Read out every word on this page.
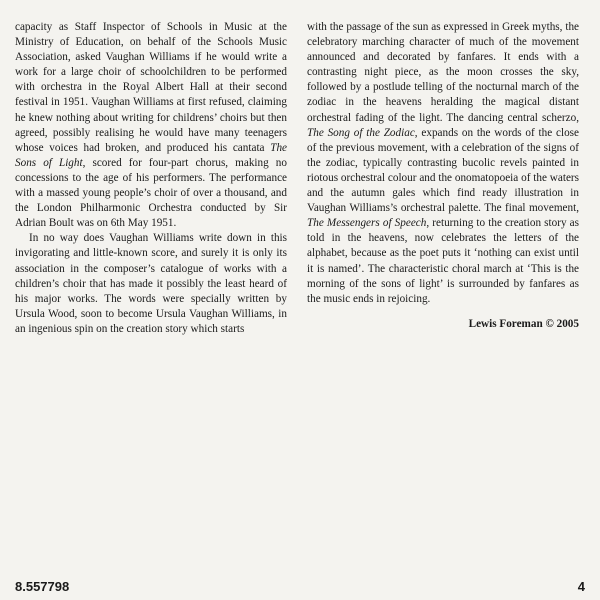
capacity as Staff Inspector of Schools in Music at the Ministry of Education, on behalf of the Schools Music Association, asked Vaughan Williams if he would write a work for a large choir of schoolchildren to be performed with orchestra in the Royal Albert Hall at their second festival in 1951. Vaughan Williams at first refused, claiming he knew nothing about writing for childrens’ choirs but then agreed, possibly realising he would have many teenagers whose voices had broken, and produced his cantata The Sons of Light, scored for four-part chorus, making no concessions to the age of his performers. The performance with a massed young people’s choir of over a thousand, and the London Philharmonic Orchestra conducted by Sir Adrian Boult was on 6th May 1951.

In no way does Vaughan Williams write down in this invigorating and little-known score, and surely it is only its association in the composer’s catalogue of works with a children’s choir that has made it possibly the least heard of his major works. The words were specially written by Ursula Wood, soon to become Ursula Vaughan Williams, in an ingenious spin on the creation story which starts

with the passage of the sun as expressed in Greek myths, the celebratory marching character of much of the movement announced and decorated by fanfares. It ends with a contrasting night piece, as the moon crosses the sky, followed by a postlude telling of the nocturnal march of the zodiac in the heavens heralding the magical distant orchestral fading of the light. The dancing central scherzo, The Song of the Zodiac, expands on the words of the close of the previous movement, with a celebration of the signs of the zodiac, typically contrasting bucolic revels painted in riotous orchestral colour and the onomatopoeia of the waters and the autumn gales which find ready illustration in Vaughan Williams’s orchestral palette. The final movement, The Messengers of Speech, returning to the creation story as told in the heavens, now celebrates the letters of the alphabet, because as the poet puts it ‘nothing can exist until it is named’. The characteristic choral march at ‘This is the morning of the sons of light’ is surrounded by fanfares as the music ends in rejoicing.

Lewis Foreman © 2005
8.557798	4
